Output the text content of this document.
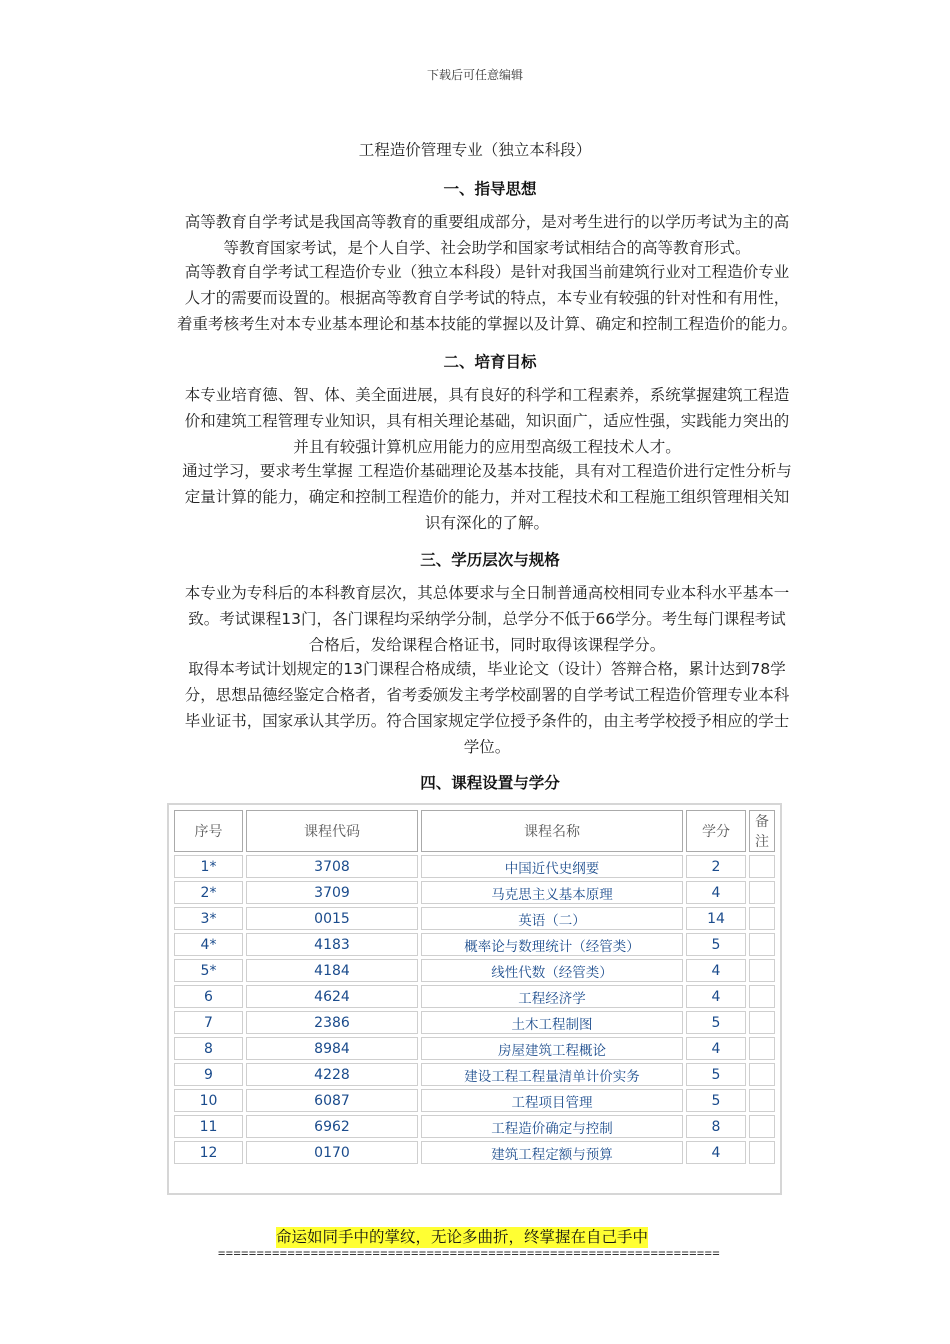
下载后可任意编辑
工程造价管理专业（独立本科段）
一、指导思想
高等教育自学考试是我国高等教育的重要组成部分，是对考生进行的以学历考试为主的高
等教育国家考试，是个人自学、社会助学和国家考试相结合的高等教育形式。
高等教育自学考试工程造价专业（独立本科段）是针对我国当前建筑行业对工程造价专业
人才的需要而设置的。根据高等教育自学考试的特点，本专业有较强的针对性和有用性，
着重考核考生对本专业基本理论和基本技能的掌握以及计算、确定和控制工程造价的能力。
二、培育目标
本专业培育德、智、体、美全面进展，具有良好的科学和工程素养，系统掌握建筑工程造
价和建筑工程管理专业知识，具有相关理论基础，知识面广，适应性强，实践能力突出的
并且有较强计算机应用能力的应用型高级工程技术人才。
通过学习，要求考生掌握 工程造价基础理论及基本技能，具有对工程造价进行定性分析与
定量计算的能力，确定和控制工程造价的能力，并对工程技术和工程施工组织管理相关知
识有深化的了解。
三、学历层次与规格
本专业为专科后的本科教育层次，其总体要求与全日制普通高校相同专业本科水平基本一
致。考试课程13门，各门课程均采纳学分制，总学分不低于66学分。考生每门课程考试
合格后，发给课程合格证书，同时取得该课程学分。
取得本考试计划规定的13门课程合格成绩，毕业论文（设计）答辩合格，累计达到78学
分，思想品德经鉴定合格者，省考委颁发主考学校副署的自学考试工程造价管理专业本科
毕业证书，国家承认其学历。符合国家规定学位授予条件的，由主考学校授予相应的学士
学位。
四、课程设置与学分
序号	课程代码	课程名称	学分	备注
1*	3708	中国近代史纲要	2	
2*	3709	马克思主义基本原理	4	
3*	0015	英语（二）	14	
4*	4183	概率论与数理统计（经管类）	5	
5*	4184	线性代数（经管类）	4	
6	4624	工程经济学	4	
7	2386	土木工程制图	5	
8	8984	房屋建筑工程概论	4	
9	4228	建设工程工程量清单计价实务	5	
10	6087	工程项目管理	5	
11	6962	工程造价确定与控制	8	
12	0170	建筑工程定额与预算	4	
命运如同手中的掌纹，无论多曲折，终掌握在自己手中
=================================================================
